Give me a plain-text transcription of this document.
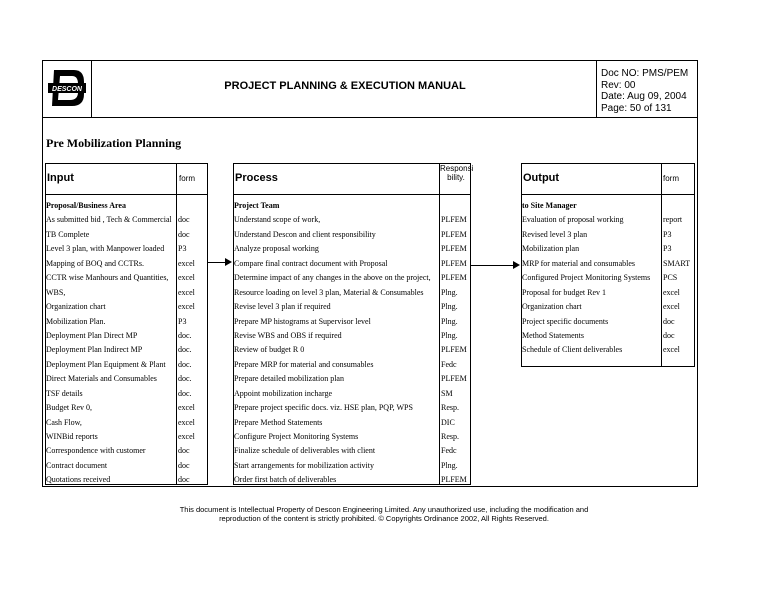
DESCON	PROJECT PLANNING & EXECUTION MANUAL
Doc NO: PMS/PEM
Rev: 00
Date: Aug 09, 2004
Page: 50 of 131
Pre Mobilization Planning
Input	form
Proposal/Business Area
As submitted bid , Tech & Commercial doc
TB Complete	doc
Level 3 plan, with Manpower loaded	P3
Mapping of BOQ and CCTRs.	excel
CCTR wise Manhours and Quantities,	excel
WBS,	excel
Organization chart	excel
Mobilization Plan.	P3
Deployment Plan Direct MP	doc.
Deployment Plan Indirect MP	doc.
Deployment Plan Equipment & Plant	doc.
Direct Materials and Consumables	doc.
TSF details	doc.
Budget Rev 0,	excel
Cash Flow,	excel
WINBid reports	excel
Correspondence with customer	doc
Contract document	doc
Quotations received	doc
Process
Responsi
bility.
Project Team
Understand scope of work,	PLFEM
Understand Descon and client responsibility	PLFEM
Analyze proposal working	PLFEM
Compare final contract document with Proposal	PLFEM
Determine impact of any changes in the above on the project,	PLFEM
Resource loading on level 3 plan, Material & Consumables	Plng.
Revise level 3 plan if required	Plng.
Prepare MP histograms at Supervisor level	Plng.
Revise WBS and OBS if required	Plng.
Review of budget R 0	PLFEM
Prepare MRP for material and consumables	Fedc
Prepare detailed mobilization plan	PLFEM
Appoint mobilization incharge	SM
Prepare project specific docs. viz. HSE plan, PQP, WPS	Resp.
Prepare Method Statements	DIC
Configure Project Monitoring Systems	Resp.
Finalize schedule of deliverables with client	Fedc
Start arrangements for mobilization activity	Plng.
Order first batch of deliverables	PLFEM
Output	form
to Site Manager
Evaluation of proposal working	report
Revised level 3 plan	P3
Mobilization plan	P3
MRP for material and consumables	SMART
Configured Project Monitoring Systems	PCS
Proposal for budget Rev 1	excel
Organization chart	excel
Project specific documents	doc
Method Statements	doc
Schedule of Client deliverables	excel
This document is Intellectual Property of Descon Engineering Limited. Any unauthorized use, including the modification and
reproduction of the content is strictly prohibited. © Copyrights Ordinance 2002, All Rights Reserved.
